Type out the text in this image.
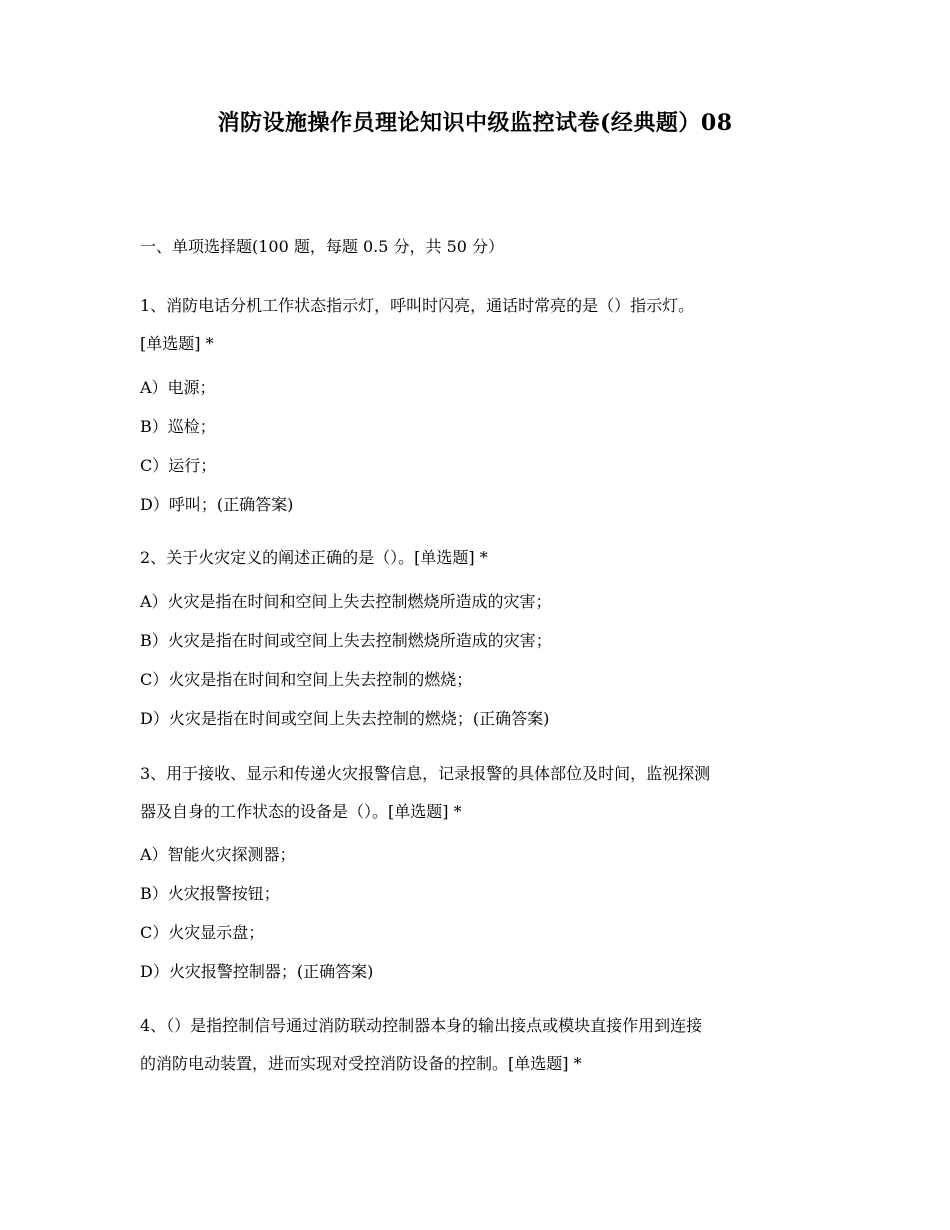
消防设施操作员理论知识中级监控试卷(经典题）08
一、单项选择题(100 题，每题 0.5 分，共 50 分）
1、消防电话分机工作状态指示灯，呼叫时闪亮，通话时常亮的是（）指示灯。
[单选题] *
A）电源；
B）巡检；
C）运行；
D）呼叫；(正确答案)
2、关于火灾定义的阐述正确的是（）。[单选题] *
A）火灾是指在时间和空间上失去控制燃烧所造成的灾害；
B）火灾是指在时间或空间上失去控制燃烧所造成的灾害；
C）火灾是指在时间和空间上失去控制的燃烧；
D）火灾是指在时间或空间上失去控制的燃烧；(正确答案)
3、用于接收、显示和传递火灾报警信息，记录报警的具体部位及时间，监视探测
器及自身的工作状态的设备是（）。[单选题] *
A）智能火灾探测器；
B）火灾报警按钮；
C）火灾显示盘；
D）火灾报警控制器；(正确答案)
4、（）是指控制信号通过消防联动控制器本身的输出接点或模块直接作用到连接
的消防电动装置，进而实现对受控消防设备的控制。[单选题] *
